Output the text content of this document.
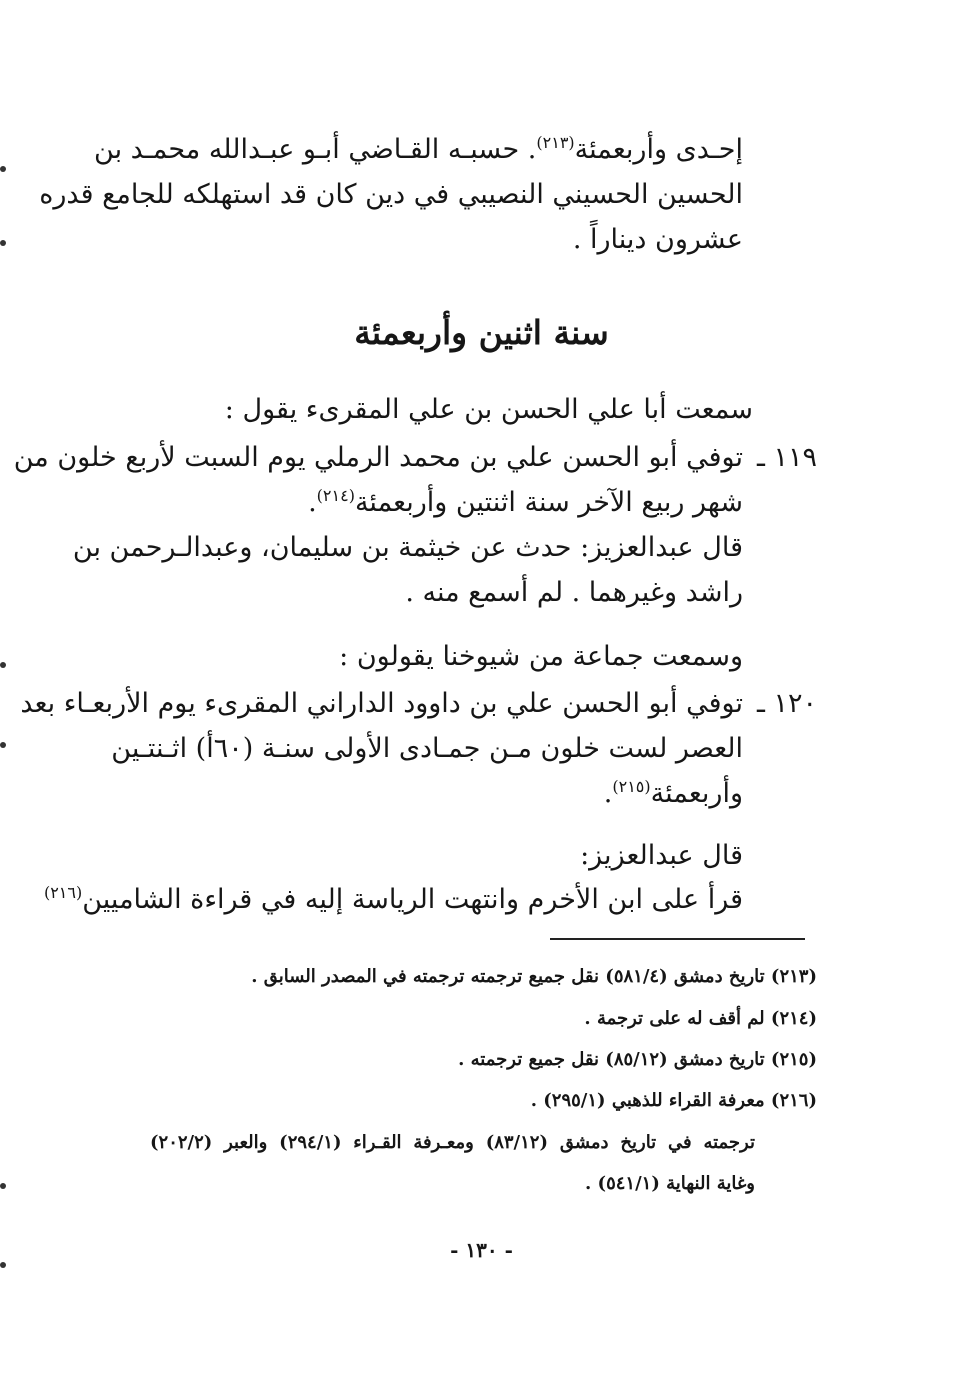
إحـدى وأربعمئة$^{(٢١٣)}$. حسبـه القـاضي أبـو عبـدالله محمـد بن

الحسين الحسيني النصيبي في دين كان قد استهلكه للجامع قدره

عشرون ديناراً .

سنة اثنين وأربعمئة

سمعت أبا علي الحسن بن علي المقرىء يقول :

١١٩ ـ

توفي أبو الحسن علي بن محمد الرملي يوم السبت لأربع خلون من

شهر ربيع الآخر سنة اثنتين وأربعمئة$^{(٢١٤)}$.

قال عبدالعزيز: حدث عن خيثمة بن سليمان، وعبدالـرحمن بن

راشد وغيرهما . لم أسمع منه .

وسمعت جماعة من شيوخنا يقولون :

١٢٠ ـ

توفي أبو الحسن علي بن داوود الداراني المقرىء يوم الأربعـاء بعد

العصر لست خلون مـن جمـادى الأولى سنـة (٦٠أ) اثـنتـين

وأربعمئة$^{(٢١٥)}$.

قال عبدالعزيز:

قرأ على ابن الأخرم وانتهت الرياسة إليه في قراءة الشاميين$^{(٢١٦)}$

(٢١٣) تاريخ دمشق (٥٨١/٤) نقل جميع ترجمته ترجمته في المصدر السابق .

(٢١٤) لم أقف له على ترجمة .

(٢١٥) تاريخ دمشق (٨٥/١٢) نقل جميع ترجمته .

(٢١٦) معرفة القراء للذهبي (٢٩٥/١) .

ترجمته في تاريخ دمشق (٨٣/١٢) ومعـرفة القـراء (٢٩٤/١) والعبر (٢٠٢/٢)

وغاية النهاية (٥٤١/١) .

- ١٣٠ -
